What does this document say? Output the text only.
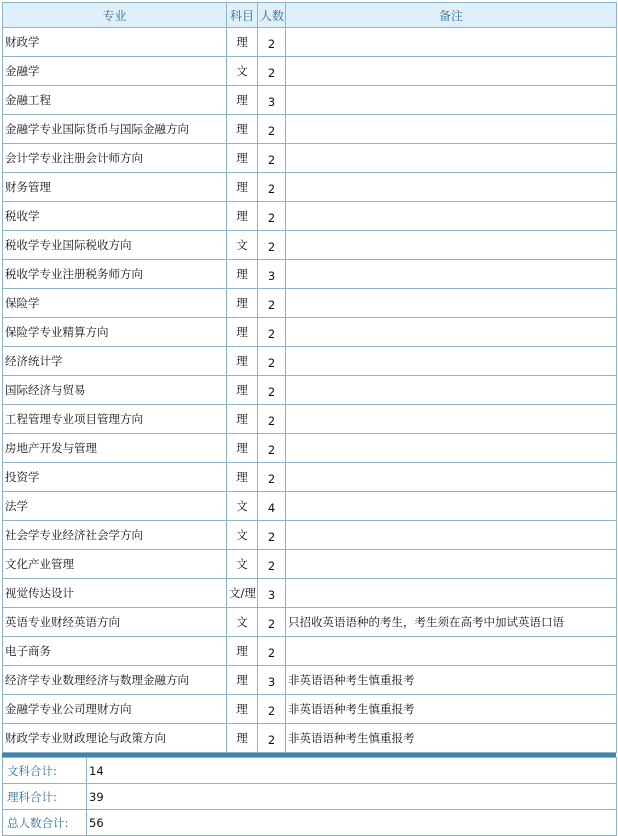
专业	科目	人数	备注
财政学	理	2	
金融学	文	2	
金融工程	理	3	
金融学专业国际货币与国际金融方向	理	2	
会计学专业注册会计师方向	理	2	
财务管理	理	2	
税收学	理	2	
税收学专业国际税收方向	文	2	
税收学专业注册税务师方向	理	3	
保险学	理	2	
保险学专业精算方向	理	2	
经济统计学	理	2	
国际经济与贸易	理	2	
工程管理专业项目管理方向	理	2	
房地产开发与管理	理	2	
投资学	理	2	
法学	文	4	
社会学专业经济社会学方向	文	2	
文化产业管理	文	2	
视觉传达设计	文/理	3	
英语专业财经英语方向	文	2	只招收英语语种的考生，考生须在高考中加试英语口语
电子商务	理	2	
经济学专业数理经济与数理金融方向	理	3	非英语语种考生慎重报考
金融学专业公司理财方向	理	2	非英语语种考生慎重报考
财政学专业财政理论与政策方向	理	2	非英语语种考生慎重报考
文科合计:	14
理科合计:	39
总人数合计:	56
